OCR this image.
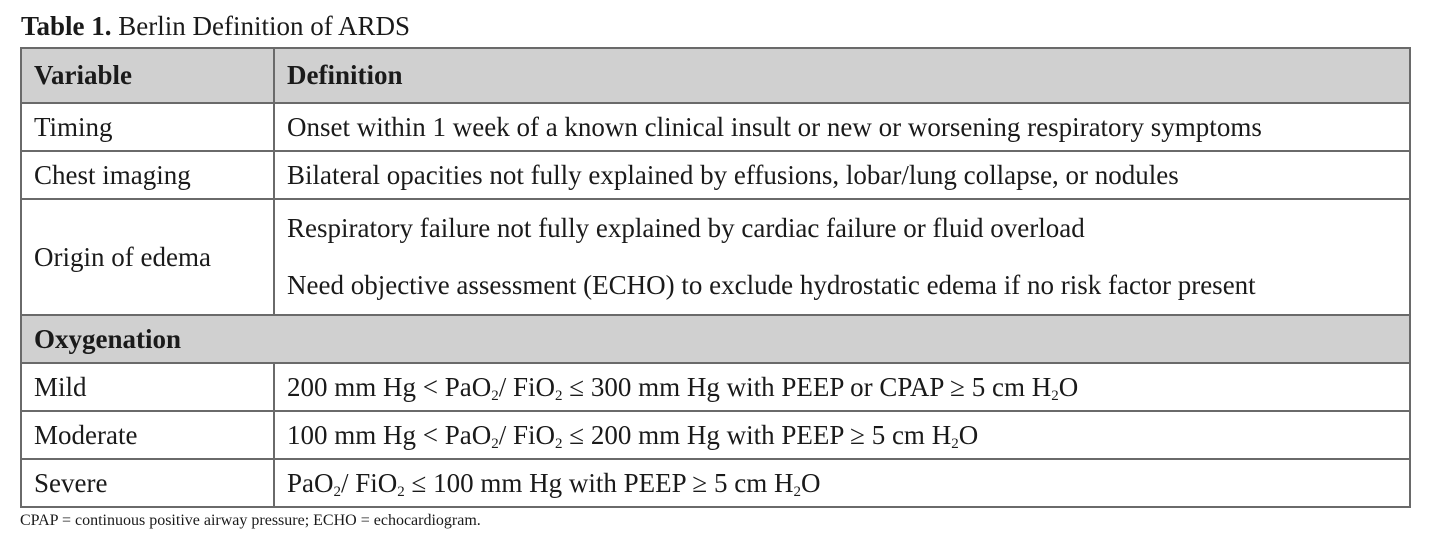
Table 1. Berlin Definition of ARDS
Variable	Definition
Timing	Onset within 1 week of a known clinical insult or new or worsening respiratory symptoms
Chest imaging	Bilateral opacities not fully explained by effusions, lobar/lung collapse, or nodules
Origin of edema	Respiratory failure not fully explained by cardiac failure or fluid overload
Need objective assessment (ECHO) to exclude hydrostatic edema if no risk factor present

Oxygenation	
Mild	200 mm Hg < PaO$_2$/ FiO$_2$ ≤ 300 mm Hg with PEEP or CPAP ≥ 5 cm $H_2O$
Moderate	100 mm Hg < PaO$_2$/ FiO$_2$ ≤ 200 mm Hg with PEEP ≥ 5 cm $H_2O$
Severe	PaO$_2$/ FiO$_2$ ≤ 100 mm Hg with PEEP ≥ 5 cm $H_2O$
CPAP = continuous positive airway pressure; ECHO = echocardiogram.
